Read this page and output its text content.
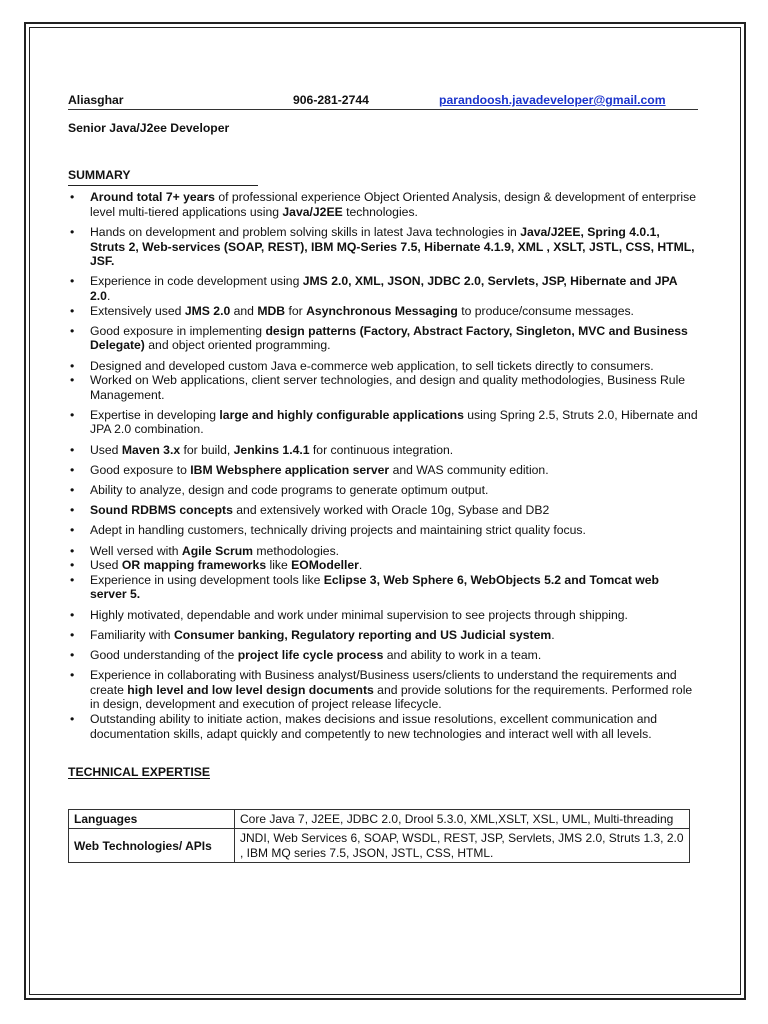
Aliasghar	906-281-2744	parandoosh.javadeveloper@gmail.com
Senior Java/J2ee Developer
SUMMARY
• Around total 7+ years of professional experience Object Oriented Analysis, design & development of enterprise level multi-tiered applications using Java/J2EE technologies.
• Hands on development and problem solving skills in latest Java technologies in Java/J2EE, Spring 4.0.1, Struts 2, Web-services (SOAP, REST), IBM MQ-Series 7.5, Hibernate 4.1.9, XML , XSLT, JSTL, CSS, HTML, JSF.
• Experience in code development using JMS 2.0, XML, JSON, JDBC 2.0, Servlets, JSP, Hibernate and JPA 2.0.
• Extensively used JMS 2.0 and MDB for Asynchronous Messaging to produce/consume messages.
• Good exposure in implementing design patterns (Factory, Abstract Factory, Singleton, MVC and Business Delegate) and object oriented programming.
• Designed and developed custom Java e-commerce web application, to sell tickets directly to consumers.
• Worked on Web applications, client server technologies, and design and quality methodologies, Business Rule Management.
• Expertise in developing large and highly configurable applications using Spring 2.5, Struts 2.0, Hibernate and JPA 2.0 combination.
• Used Maven 3.x for build, Jenkins 1.4.1 for continuous integration.
• Good exposure to IBM Websphere application server and WAS community edition.
• Ability to analyze, design and code programs to generate optimum output.
• Sound RDBMS concepts and extensively worked with Oracle 10g, Sybase and DB2
• Adept in handling customers, technically driving projects and maintaining strict quality focus.
• Well versed with Agile Scrum methodologies.
• Used OR mapping frameworks like EOModeller.
• Experience in using development tools like Eclipse 3, Web Sphere 6, WebObjects 5.2 and Tomcat web server 5.
• Highly motivated, dependable and work under minimal supervision to see projects through shipping.
• Familiarity with Consumer banking, Regulatory reporting and US Judicial system.
• Good understanding of the project life cycle process and ability to work in a team.
• Experience in collaborating with Business analyst/Business users/clients to understand the requirements and create high level and low level design documents and provide solutions for the requirements. Performed role in design, development and execution of project release lifecycle.
• Outstanding ability to initiate action, makes decisions and issue resolutions, excellent communication and documentation skills, adapt quickly and competently to new technologies and interact well with all levels.
TECHNICAL EXPERTISE
Languages	Core Java 7, J2EE, JDBC 2.0, Drool 5.3.0, XML,XSLT, XSL, UML, Multi-threading
Web Technologies/ APIs	JNDI, Web Services 6, SOAP, WSDL, REST, JSP, Servlets, JMS 2.0, Struts 1.3, 2.0 , IBM MQ series 7.5, JSON, JSTL, CSS, HTML.
